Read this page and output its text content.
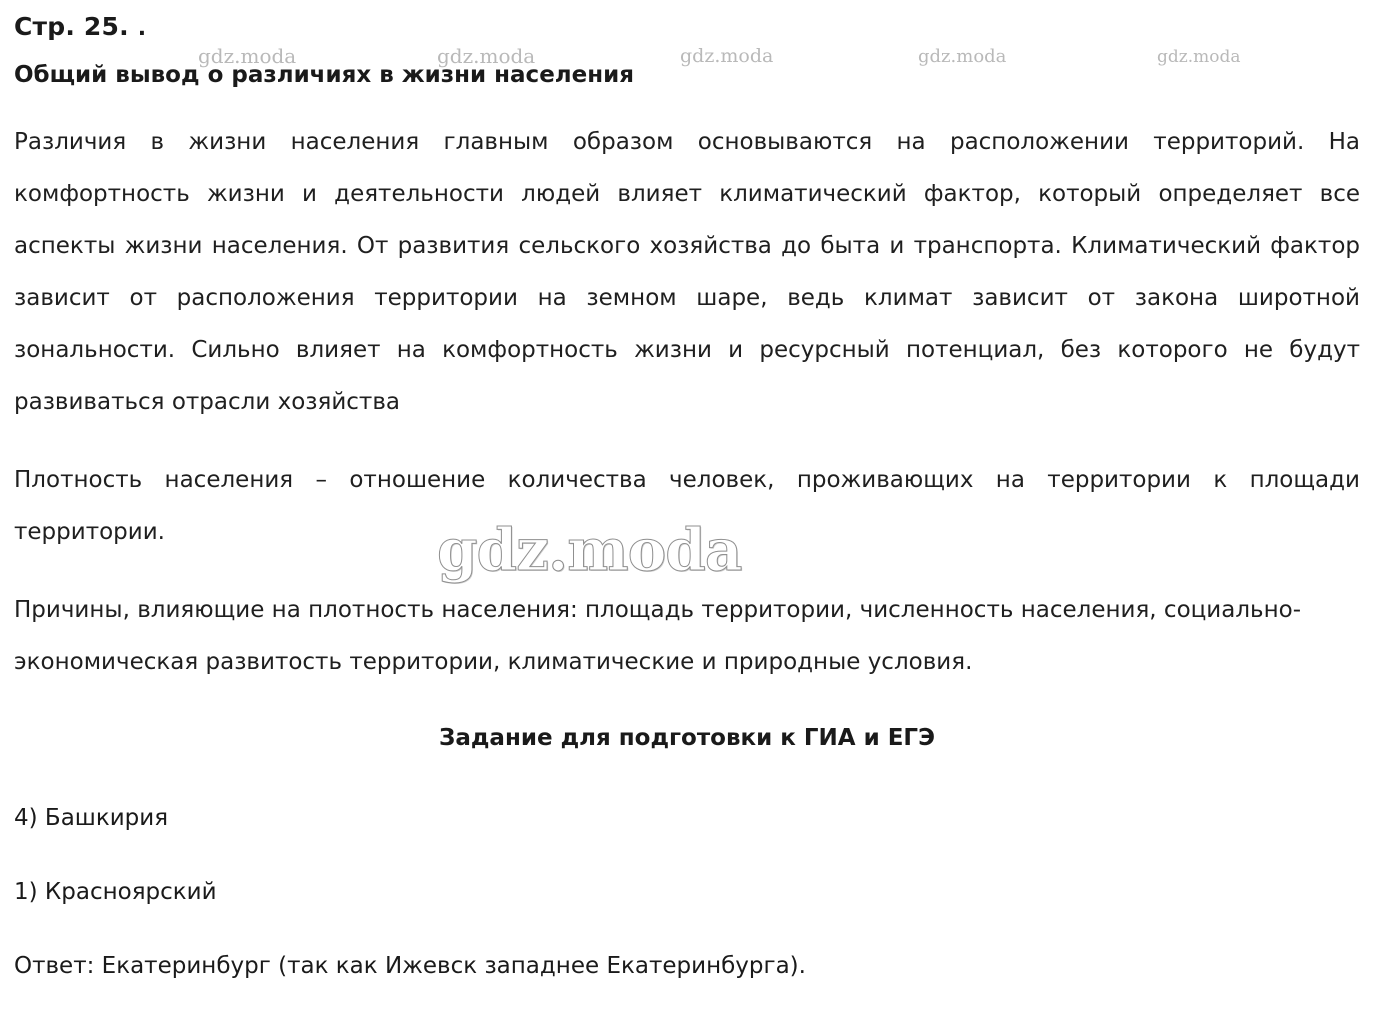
Стр. 25. .
gdz.moda	gdz.moda	gdz.moda	gdz.moda	gdz.moda
Общий вывод о различиях в жизни населения

Различия в жизни населения главным образом основываются на расположении территорий. На комфортность жизни и деятельности людей влияет климатический фактор, который определяет все аспекты жизни населения. От развития сельского хозяйства до быта и транспорта. Климатический фактор зависит от расположения территории на земном шаре, ведь климат зависит от закона широтной зональности. Сильно влияет на комфортность жизни и ресурсный потенциал, без которого не будут развиваться отрасли хозяйства

Плотность населения – отношение количества человек, проживающих на территории к площади территории.

Причины, влияющие на плотность населения: площадь территории, численность населения, социально-экономическая развитость территории, климатические и природные условия.

Задание для подготовки к ГИА и ЕГЭ

4) Башкирия

1) Красноярский

Ответ: Екатеринбург (так как Ижевск западнее Екатеринбурга).

gdz.moda
